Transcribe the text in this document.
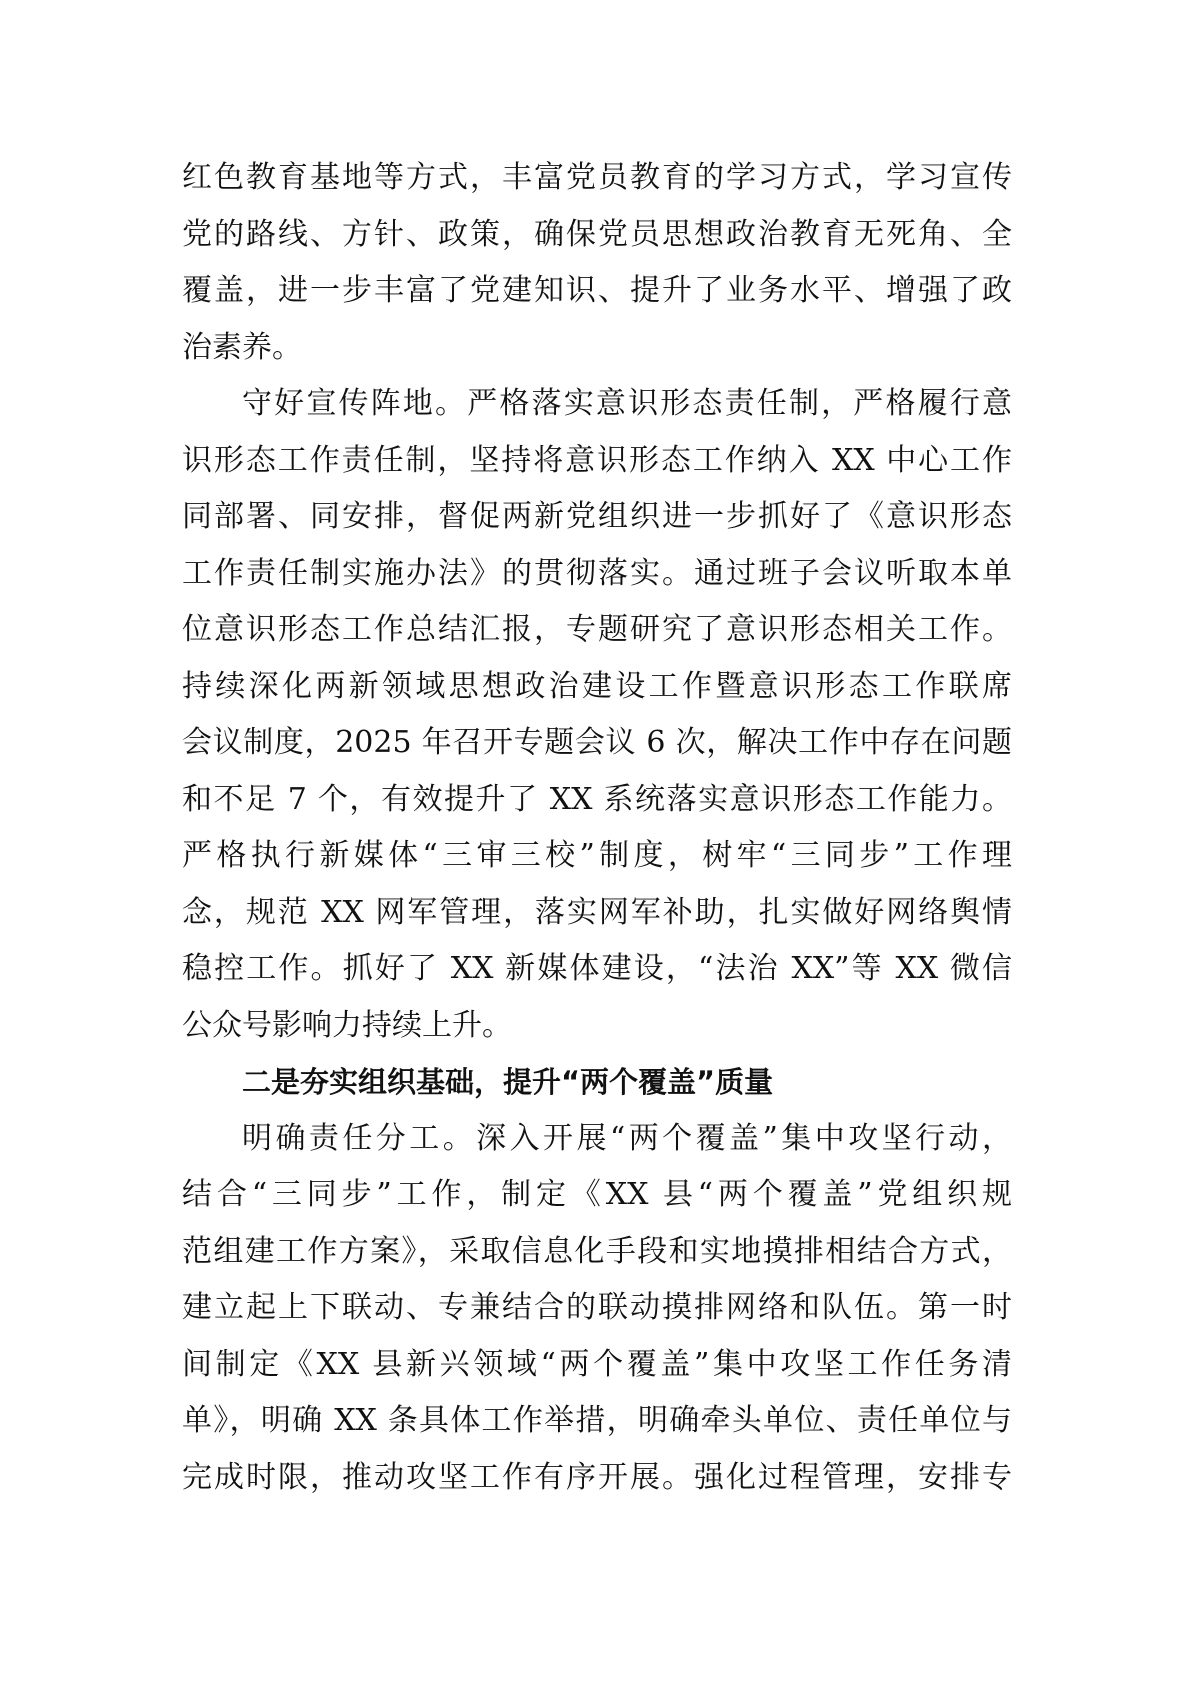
红色教育基地等方式，丰富党员教育的学习方式，学习宣传
党的路线、方针、政策，确保党员思想政治教育无死角、全
覆盖，进一步丰富了党建知识、提升了业务水平、增强了政
治素养。
守好宣传阵地。严格落实意识形态责任制，严格履行意
识形态工作责任制，坚持将意识形态工作纳入 XX 中心工作
同部署、同安排，督促两新党组织进一步抓好了《意识形态
工作责任制实施办法》的贯彻落实。通过班子会议听取本单
位意识形态工作总结汇报，专题研究了意识形态相关工作。
持续深化两新领域思想政治建设工作暨意识形态工作联席
会议制度，2025 年召开专题会议 6 次，解决工作中存在问题
和不足 7 个，有效提升了 XX 系统落实意识形态工作能力。
严格执行新媒体“三审三校”制度，树牢“三同步”工作理
念，规范 XX 网军管理，落实网军补助，扎实做好网络舆情
稳控工作。抓好了 XX 新媒体建设，“法治 XX”等 XX 微信
公众号影响力持续上升。
二是夯实组织基础，提升“两个覆盖”质量
明确责任分工。深入开展“两个覆盖”集中攻坚行动，
结合“三同步”工作，制定《XX 县“两个覆盖”党组织规
范组建工作方案》，采取信息化手段和实地摸排相结合方式，
建立起上下联动、专兼结合的联动摸排网络和队伍。第一时
间制定《XX 县新兴领域“两个覆盖”集中攻坚工作任务清
单》，明确 XX 条具体工作举措，明确牵头单位、责任单位与
完成时限，推动攻坚工作有序开展。强化过程管理，安排专
